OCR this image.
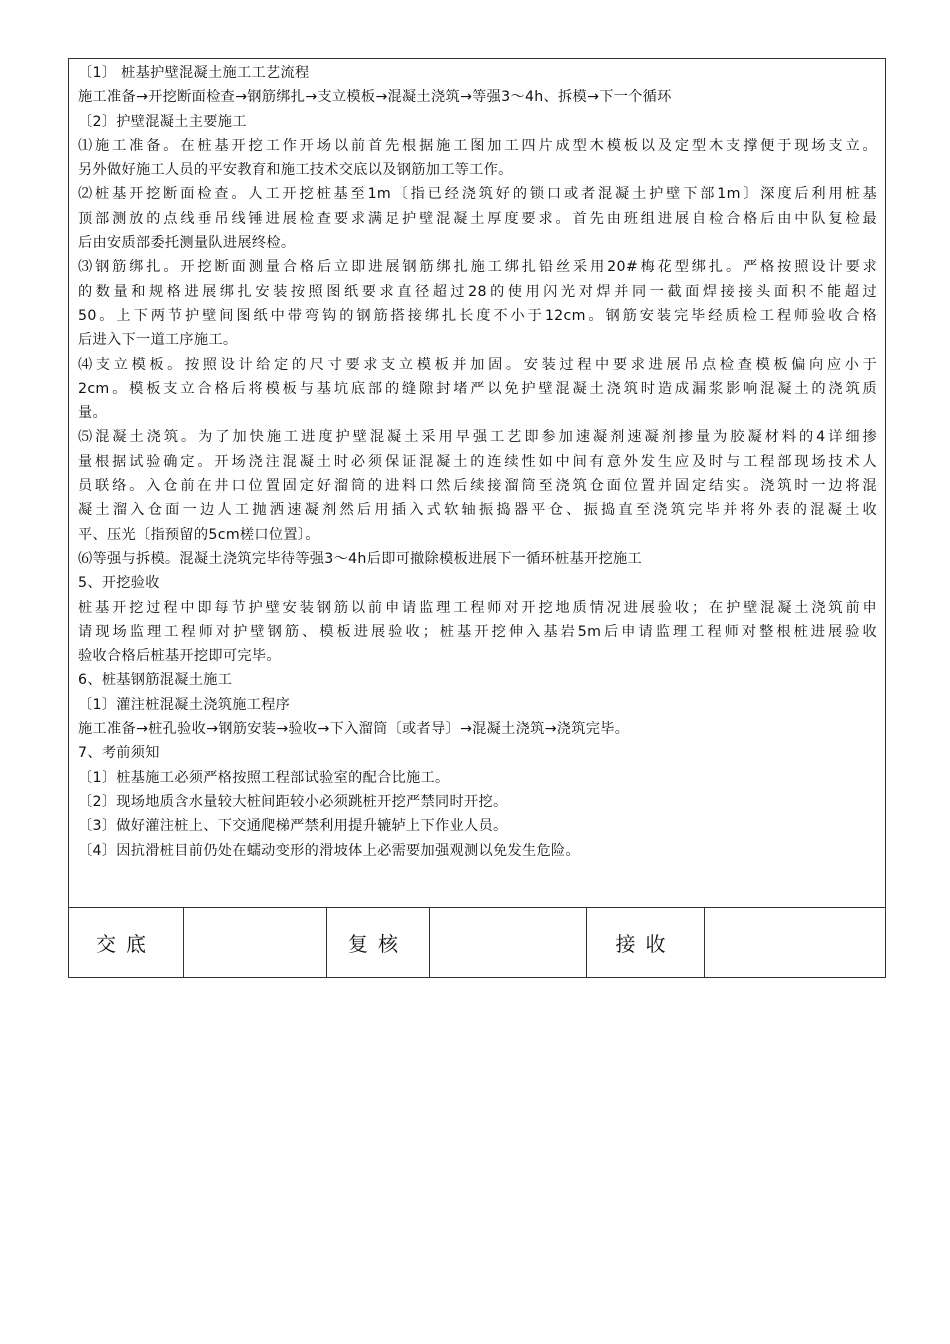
〔1〕 桩基护壁混凝土施工工艺流程
施工准备→开挖断面检查→钢筋绑扎→支立模板→混凝土浇筑→等强3～4h、拆模→下一个循环
〔2〕护壁混凝土主要施工
⑴施工准备。在桩基开挖工作开场以前首先根据施工图加工四片成型木模板以及定型木支撑便于现场支立。
另外做好施工人员的平安教育和施工技术交底以及钢筋加工等工作。
⑵桩基开挖断面检查。人工开挖桩基至1m〔指已经浇筑好的锁口或者混凝土护壁下部1m〕深度后利用桩基
顶部测放的点线垂吊线锤进展检查要求满足护壁混凝土厚度要求。首先由班组进展自检合格后由中队复检最
后由安质部委托测量队进展终检。
⑶钢筋绑扎。开挖断面测量合格后立即进展钢筋绑扎施工绑扎铅丝采用20#梅花型绑扎。严格按照设计要求
的数量和规格进展绑扎安装按照图纸要求直径超过28的使用闪光对焊并同一截面焊接接头面积不能超过
50。上下两节护壁间图纸中带弯钩的钢筋搭接绑扎长度不小于12cm。钢筋安装完毕经质检工程师验收合格
后进入下一道工序施工。
⑷支立模板。按照设计给定的尺寸要求支立模板并加固。安装过程中要求进展吊点检查模板偏向应小于
2cm。模板支立合格后将模板与基坑底部的缝隙封堵严以免护壁混凝土浇筑时造成漏浆影响混凝土的浇筑质
量。
⑸混凝土浇筑。为了加快施工进度护壁混凝土采用早强工艺即参加速凝剂速凝剂掺量为胶凝材料的4详细掺
量根据试验确定。开场浇注混凝土时必须保证混凝土的连续性如中间有意外发生应及时与工程部现场技术人
员联络。入仓前在井口位置固定好溜筒的进料口然后续接溜筒至浇筑仓面位置并固定结实。浇筑时一边将混
凝土溜入仓面一边人工抛洒速凝剂然后用插入式软轴振捣器平仓、振捣直至浇筑完毕并将外表的混凝土收
平、压光〔指预留的5cm槎口位置〕。
⑹等强与拆模。混凝土浇筑完毕待等强3～4h后即可撤除模板进展下一循环桩基开挖施工
5、开挖验收
桩基开挖过程中即每节护壁安装钢筋以前申请监理工程师对开挖地质情况进展验收；在护壁混凝土浇筑前申
请现场监理工程师对护壁钢筋、模板进展验收；桩基开挖伸入基岩5m后申请监理工程师对整根桩进展验收
验收合格后桩基开挖即可完毕。
6、桩基钢筋混凝土施工
〔1〕灌注桩混凝土浇筑施工程序
施工准备→桩孔验收→钢筋安装→验收→下入溜筒〔或者导〕→混凝土浇筑→浇筑完毕。
7、考前须知
〔1〕桩基施工必须严格按照工程部试验室的配合比施工。
〔2〕现场地质含水量较大桩间距较小必须跳桩开挖严禁同时开挖。
〔3〕做好灌注桩上、下交通爬梯严禁利用提升辘轳上下作业人员。
〔4〕因抗滑桩目前仍处在蠕动变形的滑坡体上必需要加强观测以免发生危险。
交底	复核	接收
